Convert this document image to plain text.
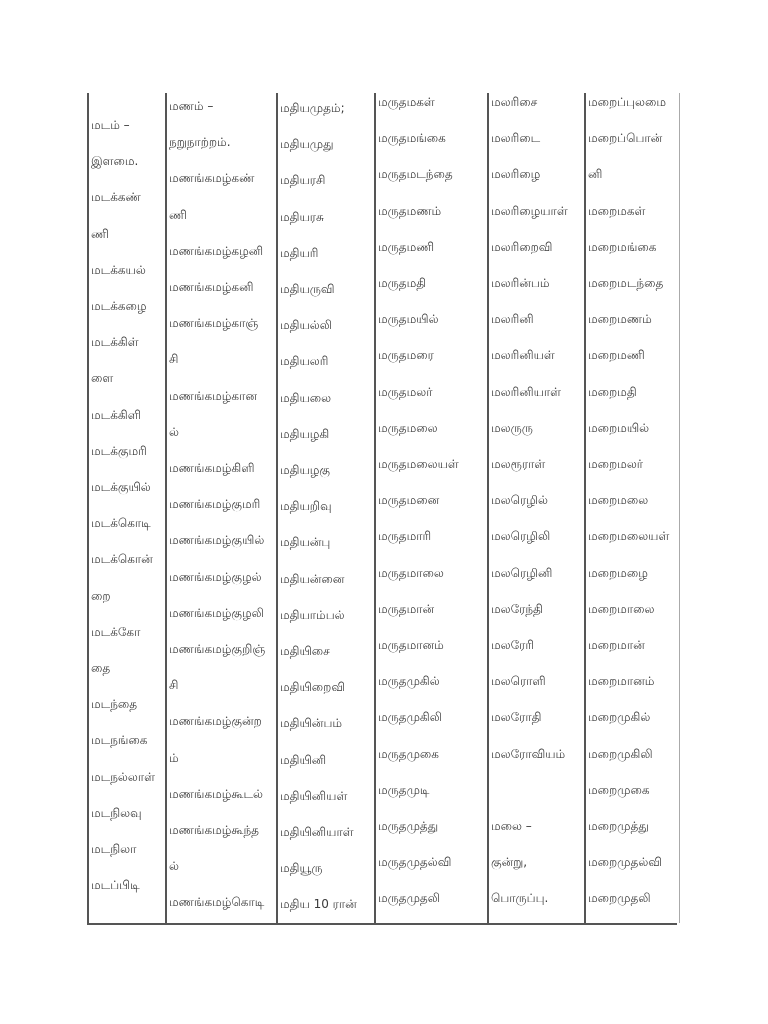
மடம் –
இளமை.
மடக்கண்
ணி
மடக்கயல்
மடக்கழை
மடக்கிள்
ளை
மடக்கிளி
மடக்குமரி
மடக்குயில்
மடக்கொடி
மடக்கொன்
றை
மடக்கோ
தை
மடந்தை
மடநங்கை
மடநல்லாள்
மடநிலவு
மடநிலா
மடப்பிடி
மணம் –
நறுநாற்றம்.
மணங்கமழ்கண்
ணி
மணங்கமழ்கழனி
மணங்கமழ்கனி
மணங்கமழ்காஞ்
சி
மணங்கமழ்கான
ல்
மணங்கமழ்கிளி
மணங்கமழ்குமரி
மணங்கமழ்குயில்
மணங்கமழ்குழல்
மணங்கமழ்குழலி
மணங்கமழ்குறிஞ்
சி
மணங்கமழ்குன்ற
ம்
மணங்கமழ்கூடல்
மணங்கமழ்கூந்த
ல்
மணங்கமழ்கொடி
மதியமுதம்;
மதியமுது
மதியரசி
மதியரசு
மதியரி
மதியருவி
மதியல்லி
மதியலரி
மதியலை
மதியழகி
மதியழகு
மதியறிவு
மதியன்பு
மதியன்னை
மதியாம்பல்
மதியிசை
மதியிறைவி
மதியின்பம்
மதியினி
மதியினியள்
மதியினியாள்
மதியூரு
மதிய 10 ரான்
மருதமகள்
மருதமங்கை
மருதமடந்தை
மருதமணம்
மருதமணி
மருதமதி
மருதமயில்
மருதமரை
மருதமலர்
மருதமலை
மருதமலையள்
மருதமனை
மருதமாரி
மருதமாலை
மருதமான்
மருதமானம்
மருதமுகில்
மருதமுகிலி
மருதமுகை
மருதமுடி
மருதமுத்து
மருதமுதல்வி
மருதமுதலி
மலரிசை
மலரிடை
மலரிழை
மலரிழையாள்
மலரிறைவி
மலரின்பம்
மலரினி
மலரினியள்
மலரினியாள்
மலருரு
மலரூராள்
மலரெழில்
மலரெழிலி
மலரெழினி
மலரேந்தி
மலரேரி
மலரொளி
மலரோதி
மலரோவியம்
மலை –
குன்று,
பொருப்பு.
மறைப்புலமை
மறைப்பொன்
னி
மறைமகள்
மறைமங்கை
மறைமடந்தை
மறைமணம்
மறைமணி
மறைமதி
மறைமயில்
மறைமலர்
மறைமலை
மறைமலையள்
மறைமழை
மறைமாலை
மறைமான்
மறைமானம்
மறைமுகில்
மறைமுகிலி
மறைமுகை
மறைமுத்து
மறைமுதல்வி
மறைமுதலி
